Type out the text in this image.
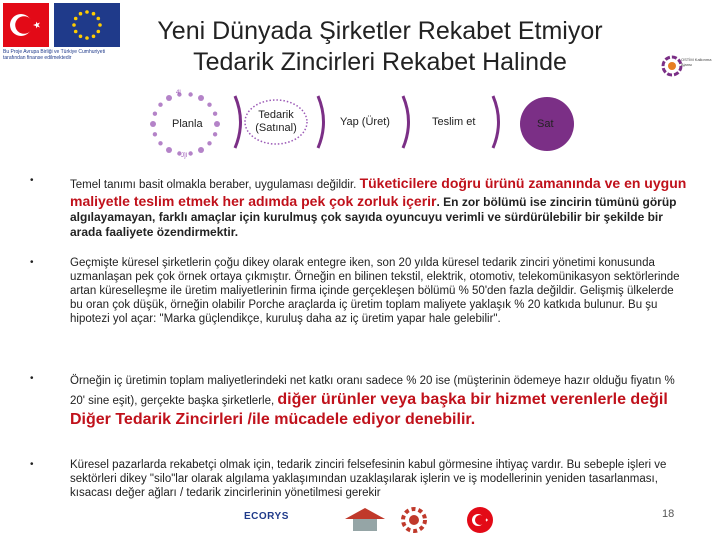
Bu Proje Avrupa Birliği ve Türkiye Cumhuriyeti tarafından finanse edilmektedir	OSTİM Kalkınma Ajansı
Yeni Dünyada Şirketler Rekabet Etmiyor
Tedarik Zincirleri Rekabet Halinde
4l
J]l
Planla
Tedarik
(Satınal)	Yap (Üret)	Teslim et	Sat
•	Temel tanımı basit olmakla beraber, uygulaması değildir. Tüketicilere doğru ürünü zamanında ve en uygun maliyetle teslim etmek her adımda pek çok zorluk içerir. En zor bölümü ise zincirin tümünü görüp algılayamayan, farklı amaçlar için kurulmuş çok sayıda oyuncuyu verimli ve sürdürülebilir bir şekilde bir arada faaliyete özendirmektir.
•	Geçmişte küresel şirketlerin çoğu dikey olarak entegre iken, son 20 yılda küresel tedarik zinciri yönetimi konusunda uzmanlaşan pek çok örnek ortaya çıkmıştır. Örneğin en bilinen tekstil, elektrik, otomotiv, telekomünikasyon sektörlerinde artan küreselleşme ile üretim maliyetlerinin firma içinde gerçekleşen bölümü % 50'den fazla değildir. Gelişmiş ülkelerde bu oran çok düşük, örneğin olabilir Porche araçlarda iç üretim toplam maliyete yaklaşık % 20 katkıda bulunur. Bu şu hipotezi yol açar: "Marka güçlendikçe, kuruluş daha az iç üretim yapar hale gelebilir".
•	Örneğin iç üretimin toplam maliyetlerindeki net katkı oranı sadece % 20 ise (müşterinin ödemeye hazır olduğu fiyatın % 20' sine eşit), gerçekte başka şirketlerle, diğer ürünler veya başka bir hizmet verenlerle değil Diğer Tedarik Zincirleri /ile mücadele ediyor denebilir.
•	Küresel pazarlarda rekabetçi olmak için, tedarik zinciri felsefesinin kabul görmesine ihtiyaç vardır. Bu sebeple işleri ve sektörleri dikey "silo"lar olarak algılama yaklaşımından uzaklaşılarak işlerin ve iş modellerinin yeniden tasarlanması, kısacası değer ağları / tedarik zincirlerinin yönetilmesi gerekir
ECORYS	18
